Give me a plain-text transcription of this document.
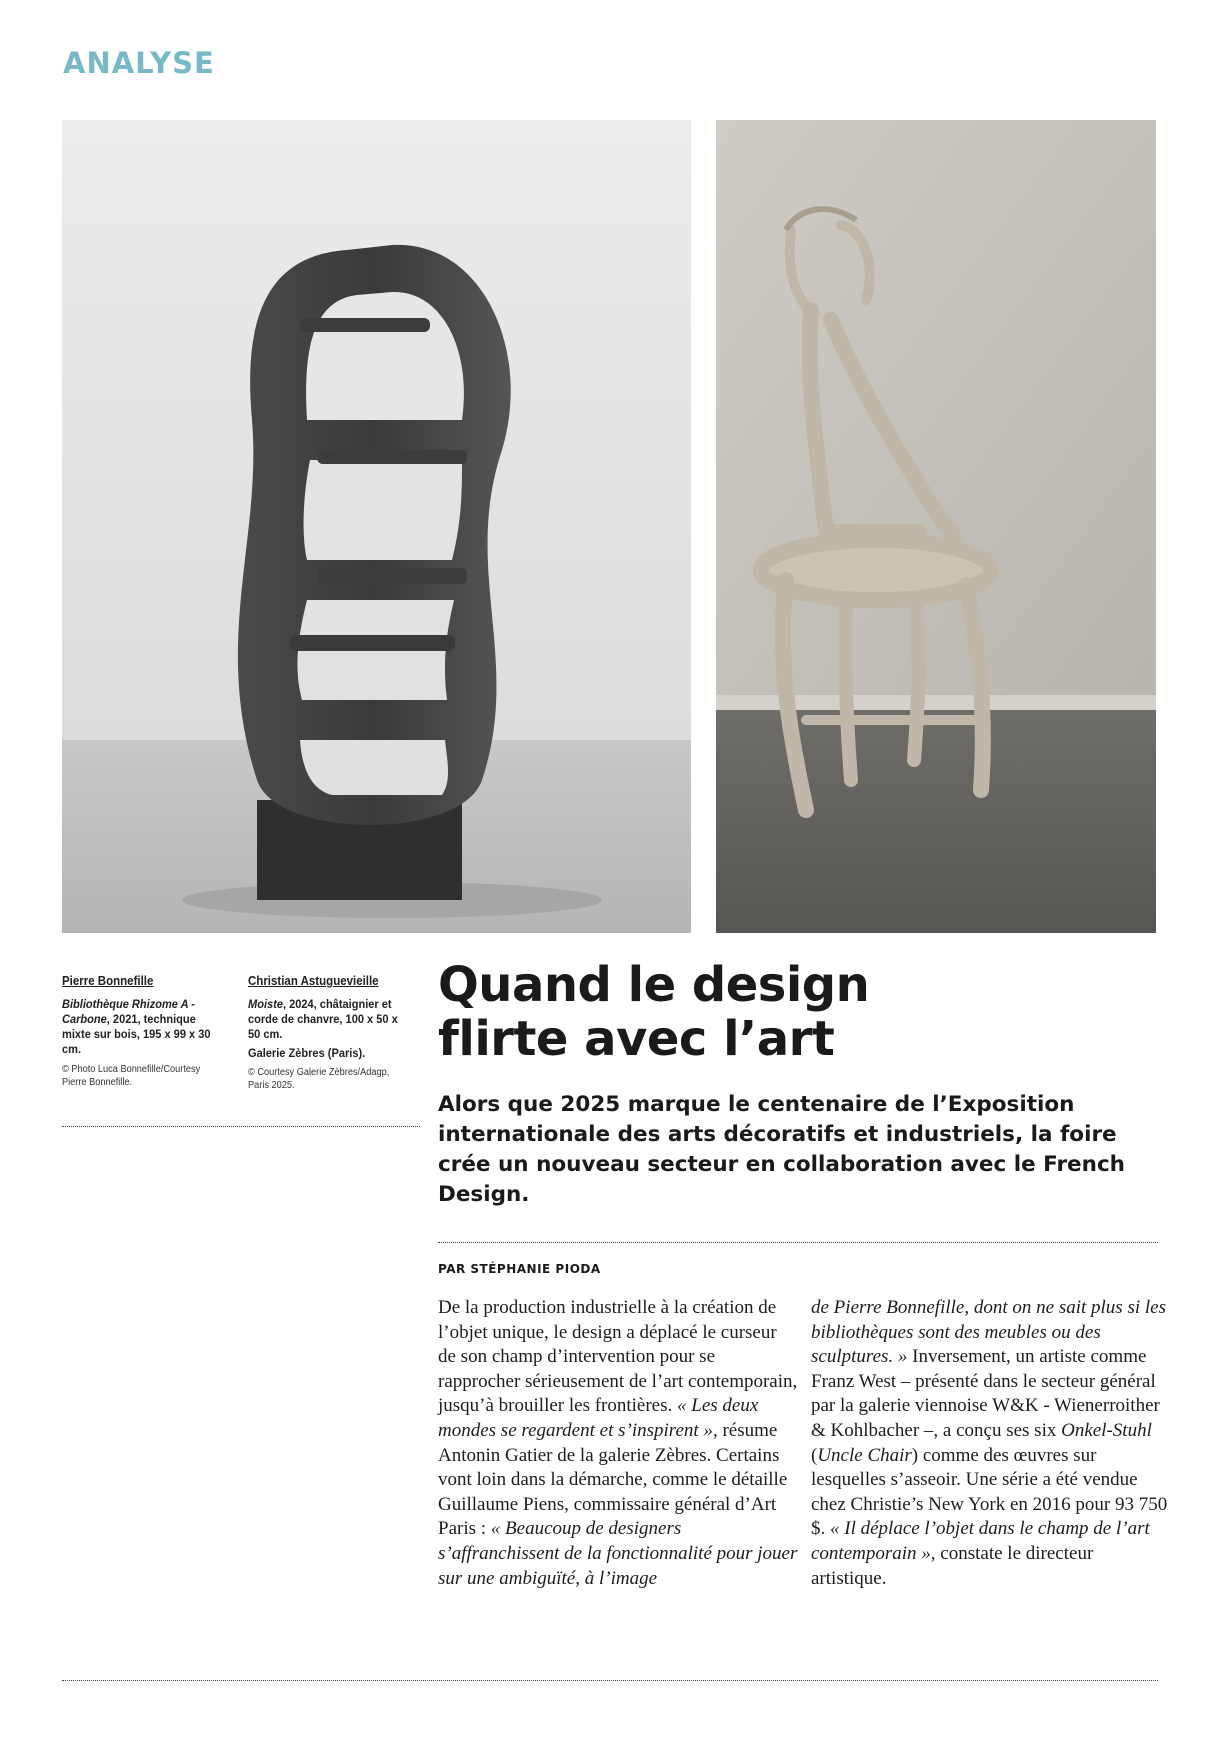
ANALYSE
Pierre Bonnefille
Bibliothèque Rhizome A - Carbone, 2021, technique mixte sur bois, 195 x 99 x 30 cm.
© Photo Luca Bonnefille/Courtesy Pierre Bonnefille.
Christian Astuguevieille
Moiste, 2024, châtaignier et corde de chanvre, 100 x 50 x 50 cm.
Galerie Zèbres (Paris).
© Courtesy Galerie Zèbres/Adagp, Paris 2025.
Quand le design
flirte avec l’art

Alors que 2025 marque le centenaire de l’Exposition internationale des arts décoratifs et industriels, la foire crée un nouveau secteur en collaboration avec le French Design.

PAR STÉPHANIE PIODA

De la production industrielle à la création de l’objet unique, le design a déplacé le curseur de son champ d’intervention pour se rapprocher sérieusement de l’art contemporain, jusqu’à brouiller les frontières. « Les deux mondes se regardent et s’inspirent », résume Antonin Gatier de la galerie Zèbres. Certains vont loin dans la démarche, comme le détaille Guillaume Piens, commissaire général d’Art Paris : « Beaucoup de designers s’affranchissent de la fonctionnalité pour jouer sur une ambiguïté, à l’image

de Pierre Bonnefille, dont on ne sait plus si les bibliothèques sont des meubles ou des sculptures. » Inversement, un artiste comme Franz West – présenté dans le secteur général par la galerie viennoise W&K - Wienerroither & Kohlbacher –, a conçu ses six Onkel-Stuhl (Uncle Chair) comme des œuvres sur lesquelles s’asseoir. Une série a été vendue chez Christie’s New York en 2016 pour 93 750 $. « Il déplace l’objet dans le champ de l’art contemporain », constate le directeur artistique.
